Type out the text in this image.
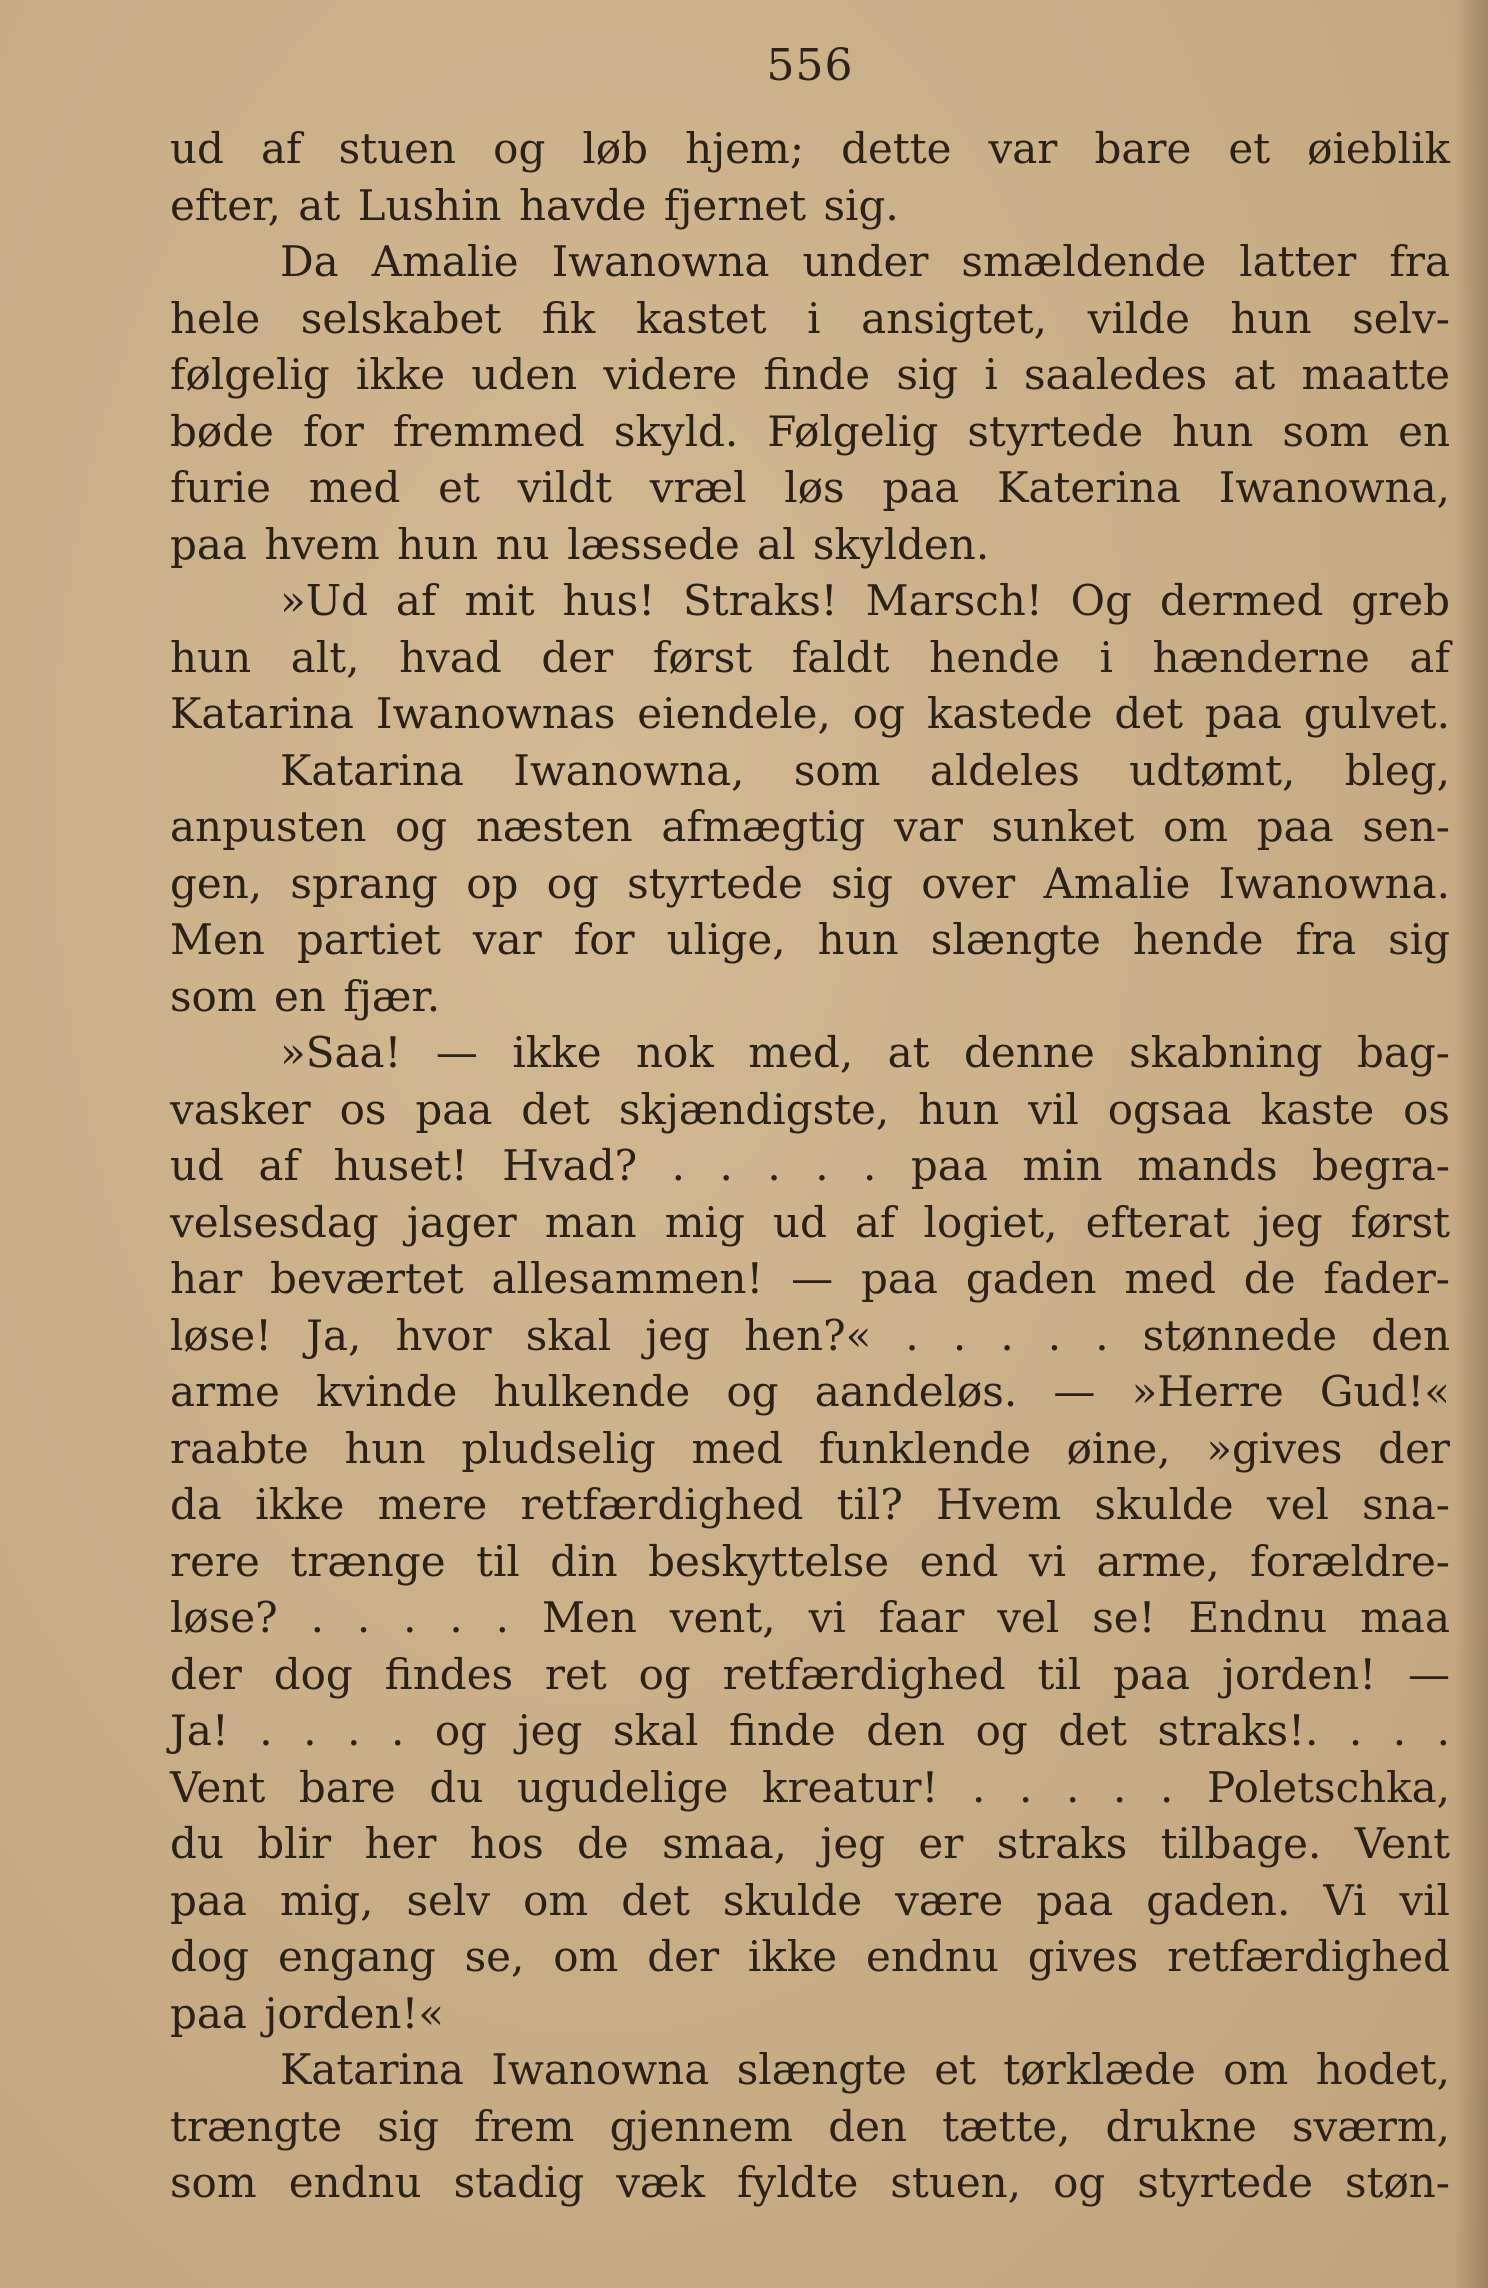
556
ud af stuen og løb hjem; dette var bare et øieblik
efter, at Lushin havde fjernet sig.
Da Amalie Iwanowna under smældende latter fra
hele selskabet fik kastet i ansigtet, vilde hun selv-
følgelig ikke uden videre finde sig i saaledes at maatte
bøde for fremmed skyld. Følgelig styrtede hun som en
furie med et vildt vræl løs paa Katerina Iwanowna,
paa hvem hun nu læssede al skylden.
»Ud af mit hus! Straks! Marsch! Og dermed greb
hun alt, hvad der først faldt hende i hænderne af
Katarina Iwanownas eiendele, og kastede det paa gulvet.
Katarina Iwanowna, som aldeles udtømt, bleg,
anpusten og næsten afmægtig var sunket om paa sen-
gen, sprang op og styrtede sig over Amalie Iwanowna.
Men partiet var for ulige, hun slængte hende fra sig
som en fjær.
»Saa! — ikke nok med, at denne skabning bag-
vasker os paa det skjændigste, hun vil ogsaa kaste os
ud af huset! Hvad? . . . . . paa min mands begra-
velsesdag jager man mig ud af logiet, efterat jeg først
har beværtet allesammen! — paa gaden med de fader-
løse! Ja, hvor skal jeg hen?« . . . . . stønnede den
arme kvinde hulkende og aandeløs. — »Herre Gud!«
raabte hun pludselig med funklende øine, »gives der
da ikke mere retfærdighed til? Hvem skulde vel sna-
rere trænge til din beskyttelse end vi arme, forældre-
løse? . . . . . Men vent, vi faar vel se! Endnu maa
der dog findes ret og retfærdighed til paa jorden! —
Ja! . . . . og jeg skal finde den og det straks!. . . .
Vent bare du ugudelige kreatur! . . . . . Poletschka,
du blir her hos de smaa, jeg er straks tilbage. Vent
paa mig, selv om det skulde være paa gaden. Vi vil
dog engang se, om der ikke endnu gives retfærdighed
paa jorden!«
Katarina Iwanowna slængte et tørklæde om hodet,
trængte sig frem gjennem den tætte, drukne sværm,
som endnu stadig væk fyldte stuen, og styrtede støn-
